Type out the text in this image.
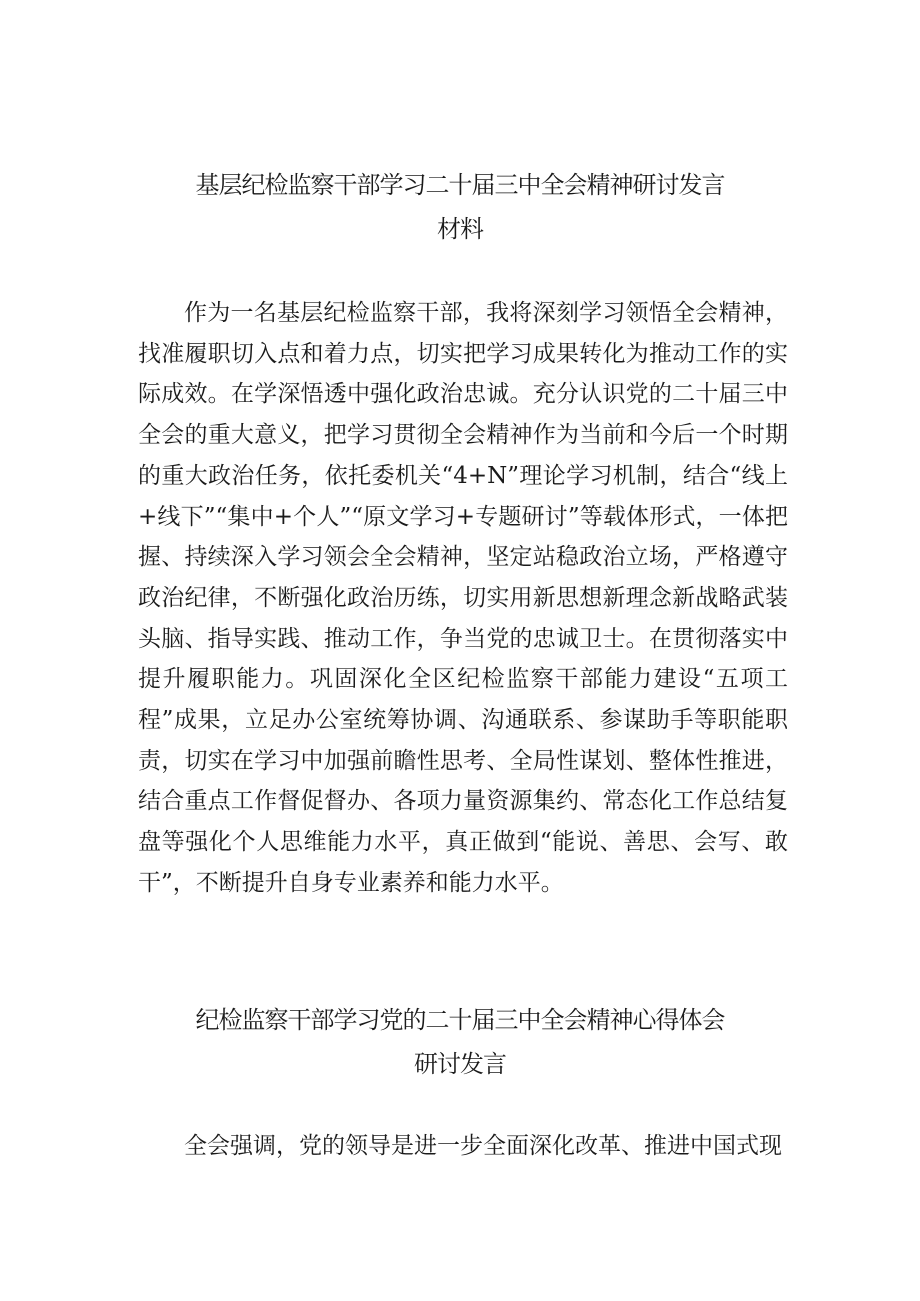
基层纪检监察干部学习二十届三中全会精神研讨发言
材料

作为一名基层纪检监察干部，我将深刻学习领悟全会精神，找准履职切入点和着力点，切实把学习成果转化为推动工作的实际成效。在学深悟透中强化政治忠诚。充分认识党的二十届三中全会的重大意义，把学习贯彻全会精神作为当前和今后一个时期的重大政治任务，依托委机关“4+N”理论学习机制，结合“线上+线下”“集中+个人”“原文学习+专题研讨”等载体形式，一体把握、持续深入学习领会全会精神，坚定站稳政治立场，严格遵守政治纪律，不断强化政治历练，切实用新思想新理念新战略武装头脑、指导实践、推动工作，争当党的忠诚卫士。在贯彻落实中提升履职能力。巩固深化全区纪检监察干部能力建设“五项工程”成果，立足办公室统筹协调、沟通联系、参谋助手等职能职责，切实在学习中加强前瞻性思考、全局性谋划、整体性推进，结合重点工作督促督办、各项力量资源集约、常态化工作总结复盘等强化个人思维能力水平，真正做到“能说、善思、会写、敢干”，不断提升自身专业素养和能力水平。

纪检监察干部学习党的二十届三中全会精神心得体会
研讨发言

全会强调，党的领导是进一步全面深化改革、推进中国式现
